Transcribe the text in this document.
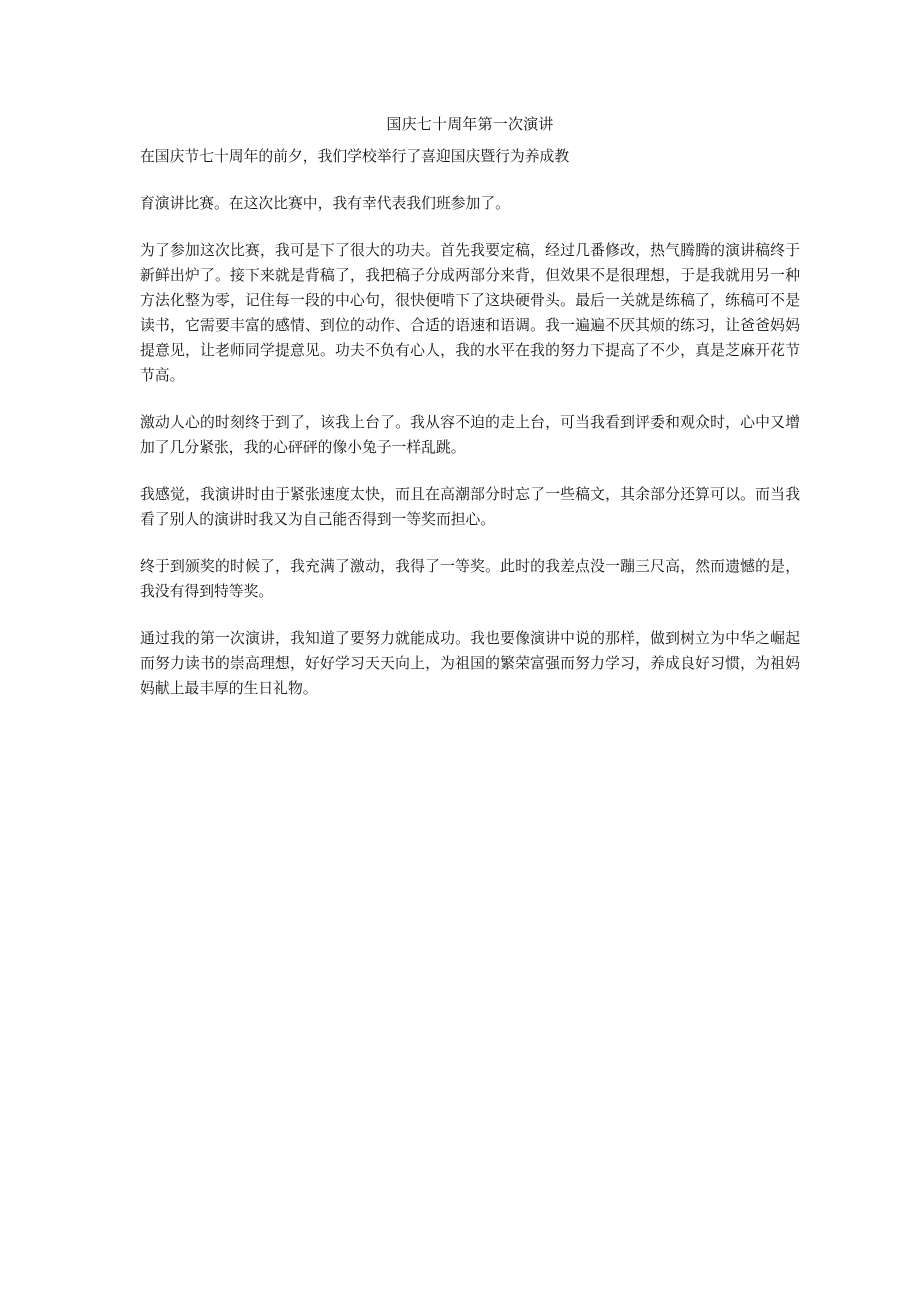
国庆七十周年第一次演讲

在国庆节七十周年的前夕，我们学校举行了喜迎国庆暨行为养成教

育演讲比赛。在这次比赛中，我有幸代表我们班参加了。

为了参加这次比赛，我可是下了很大的功夫。首先我要定稿，经过几番修改，热气腾腾的演讲稿终于新鲜出炉了。接下来就是背稿了，我把稿子分成两部分来背，但效果不是很理想，于是我就用另一种方法化整为零，记住每一段的中心句，很快便啃下了这块硬骨头。最后一关就是练稿了，练稿可不是读书，它需要丰富的感情、到位的动作、合适的语速和语调。我一遍遍不厌其烦的练习，让爸爸妈妈提意见，让老师同学提意见。功夫不负有心人，我的水平在我的努力下提高了不少，真是芝麻开花节节高。

激动人心的时刻终于到了，该我上台了。我从容不迫的走上台，可当我看到评委和观众时，心中又增加了几分紧张，我的心砰砰的像小兔子一样乱跳。

我感觉，我演讲时由于紧张速度太快，而且在高潮部分时忘了一些稿文，其余部分还算可以。而当我看了别人的演讲时我又为自己能否得到一等奖而担心。

终于到颁奖的时候了，我充满了激动，我得了一等奖。此时的我差点没一蹦三尺高，然而遗憾的是，我没有得到特等奖。

通过我的第一次演讲，我知道了要努力就能成功。我也要像演讲中说的那样，做到树立为中华之崛起而努力读书的崇高理想，好好学习天天向上，为祖国的繁荣富强而努力学习，养成良好习惯，为祖妈妈献上最丰厚的生日礼物。
